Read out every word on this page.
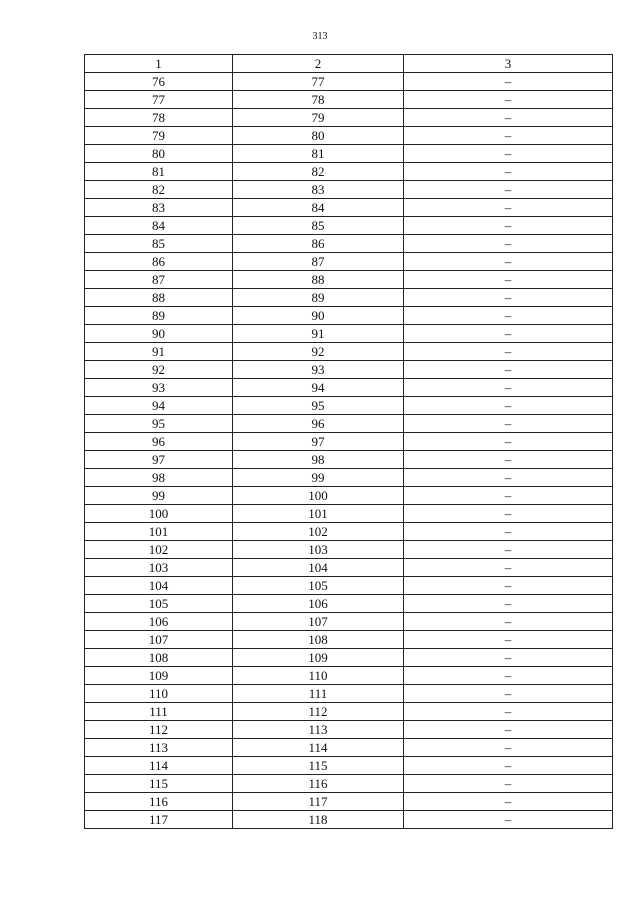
313
1	2	3
76	77	–
77	78	–
78	79	–
79	80	–
80	81	–
81	82	–
82	83	–
83	84	–
84	85	–
85	86	–
86	87	–
87	88	–
88	89	–
89	90	–
90	91	–
91	92	–
92	93	–
93	94	–
94	95	–
95	96	–
96	97	–
97	98	–
98	99	–
99	100	–
100	101	–
101	102	–
102	103	–
103	104	–
104	105	–
105	106	–
106	107	–
107	108	–
108	109	–
109	110	–
110	111	–
111	112	–
112	113	–
113	114	–
114	115	–
115	116	–
116	117	–
117	118	–
